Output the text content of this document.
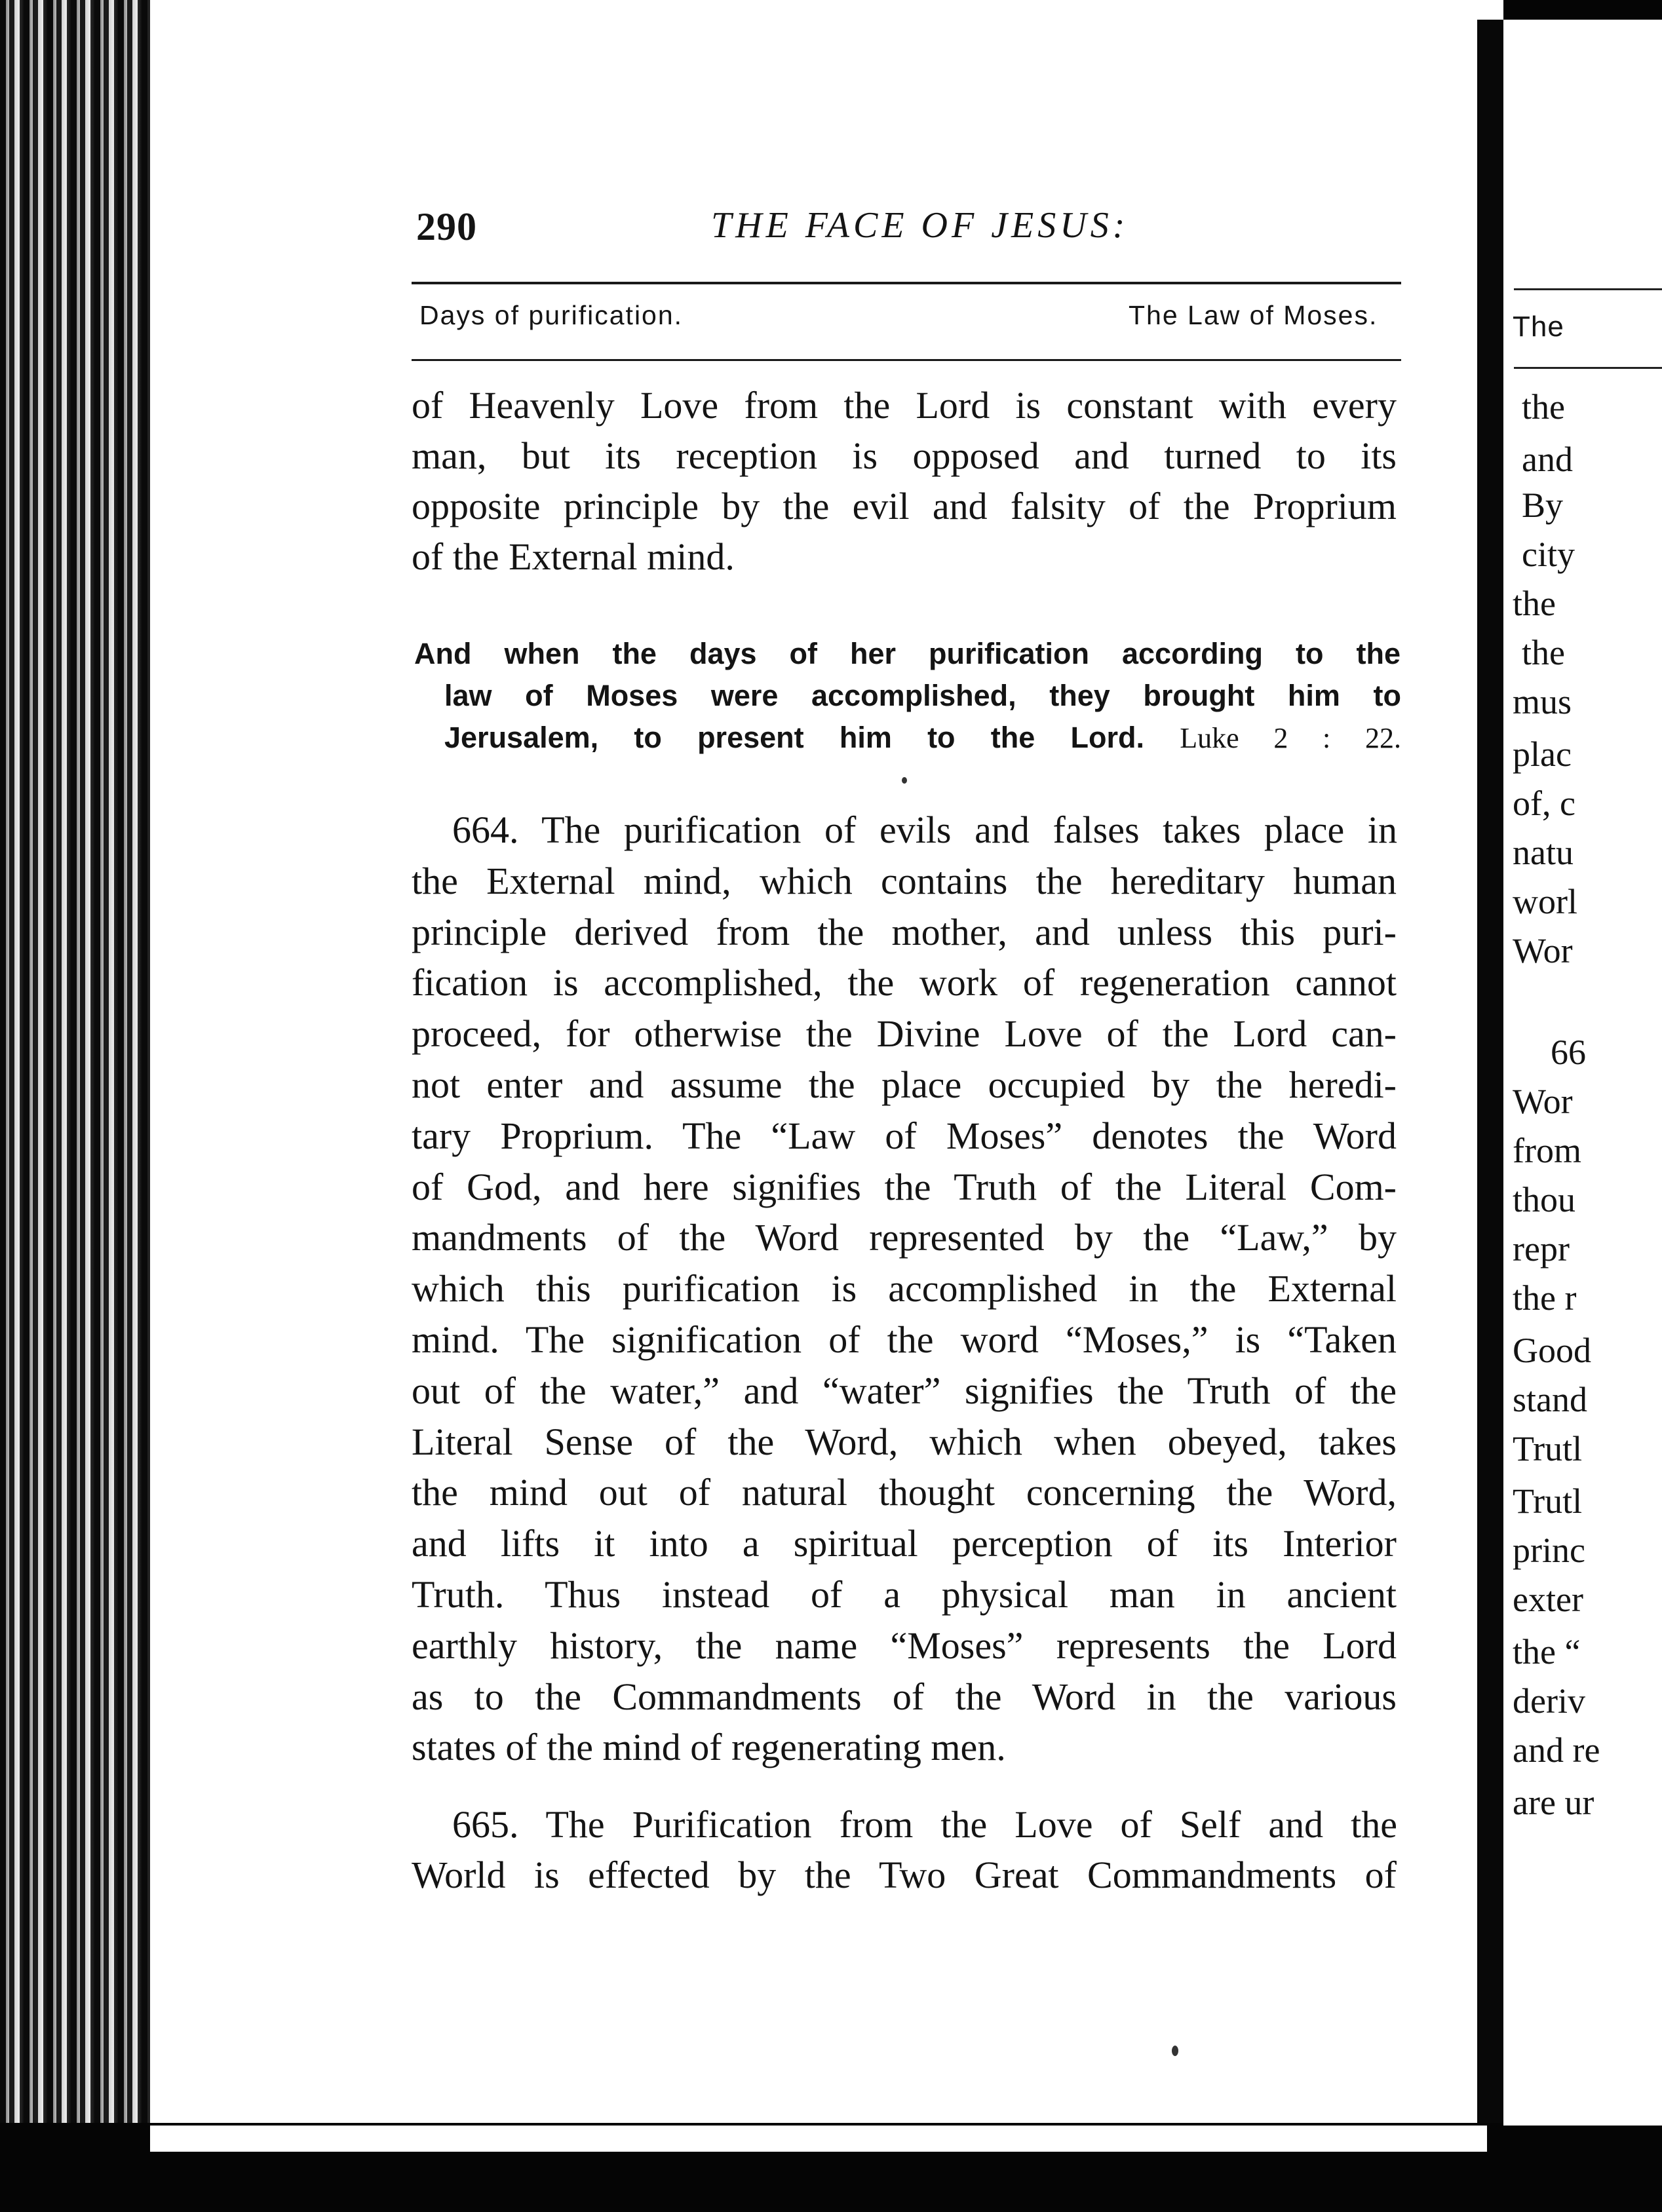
The
the
and
By
city
the
the
mus
plac
of, c
natu
worl
Wor
66
Wor
from
thou
repr
the r
Good
stand
Trutl
Trutl
princ
exter
the “
deriv
and re
are ur
290	THE FACE OF JESUS:
Days of purification.	The Law of Moses.
of Heavenly Love from the Lord is constant with every
man, but its reception is opposed and turned to its
opposite principle by the evil and falsity of the Proprium
of the External mind.
And when the days of her purification according to the
law of Moses were accomplished, they brought him to
Jerusalem, to present him to the Lord. Luke 2 : 22.
664. The purification of evils and falses takes place in
the External mind, which contains the hereditary human
principle derived from the mother, and unless this puri-
fication is accomplished, the work of regeneration cannot
proceed, for otherwise the Divine Love of the Lord can-
not enter and assume the place occupied by the heredi-
tary Proprium. The “Law of Moses” denotes the Word
of God, and here signifies the Truth of the Literal Com-
mandments of the Word represented by the “Law,” by
which this purification is accomplished in the External
mind. The signification of the word “Moses,” is “Taken
out of the water,” and “water” signifies the Truth of the
Literal Sense of the Word, which when obeyed, takes
the mind out of natural thought concerning the Word,
and lifts it into a spiritual perception of its Interior
Truth. Thus instead of a physical man in ancient
earthly history, the name “Moses” represents the Lord
as to the Commandments of the Word in the various
states of the mind of regenerating men.
665. The Purification from the Love of Self and the
World is effected by the Two Great Commandments of
